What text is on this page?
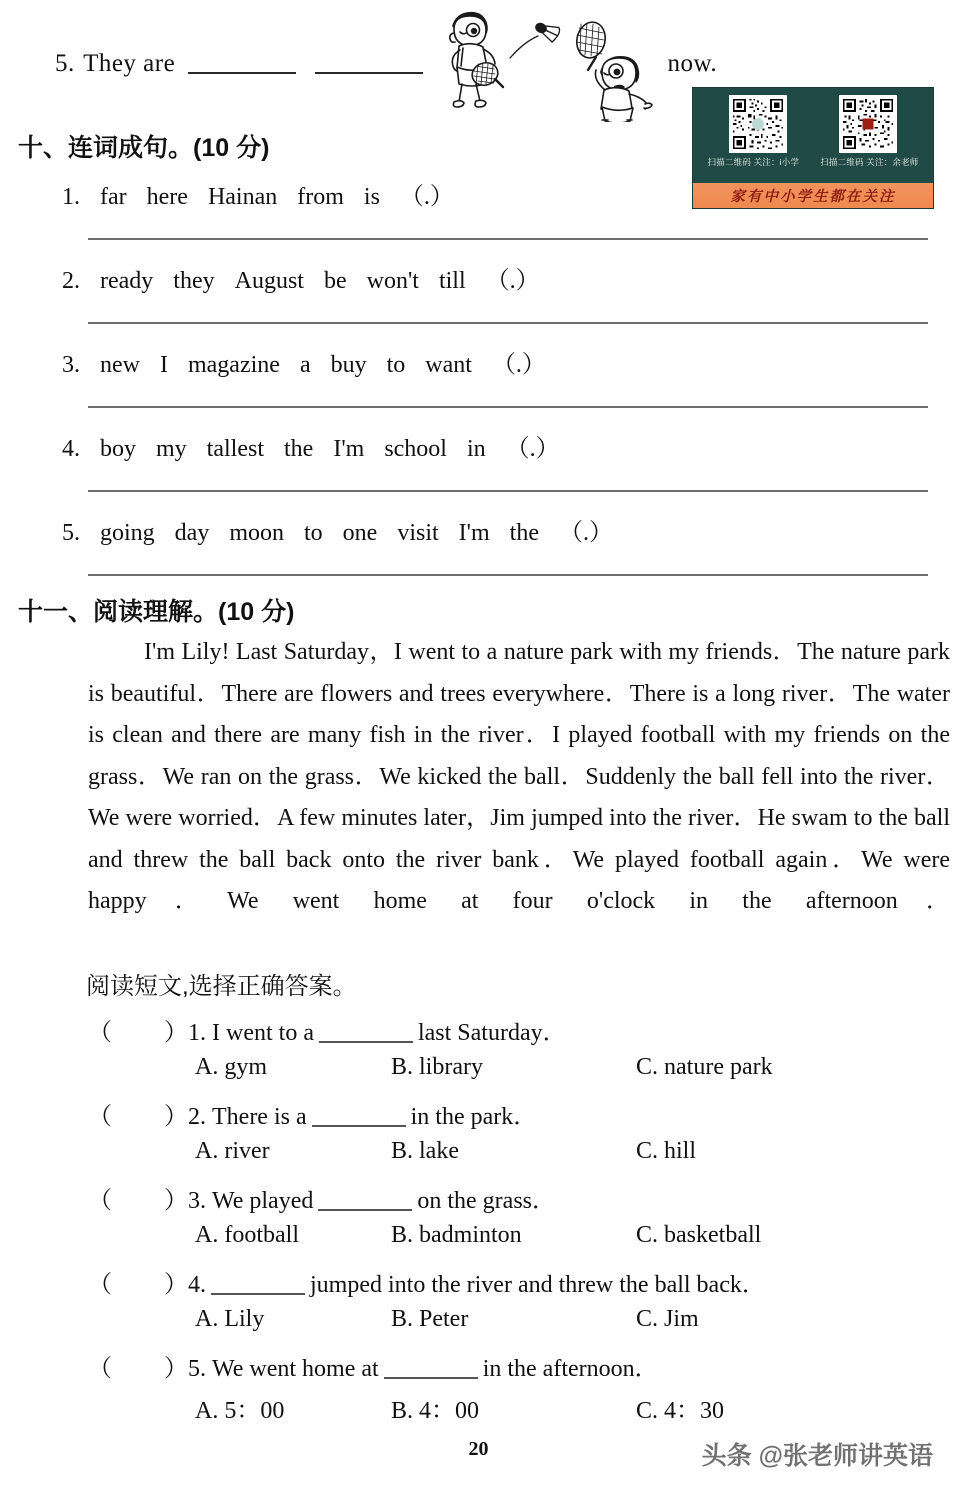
5. They are	now.
扫描二维码 关注：i小学 扫描二维码 关注：余老师
家有中小学生都在关注
十、连词成句。(10 分)
1. far here Hainan from is （.）
2. ready they August be won't till （.）
3. new I magazine a buy to want （.）
4. boy my tallest the I'm school in （.）
5. going day moon to one visit I'm the （.）
十一、阅读理解。(10 分)
I'm Lily! Last Saturday，I went to a nature park with my friends．The nature park is beautiful．There are flowers and trees everywhere．There is a long river．The water is clean and there are many fish in the river．I played football with my friends on the grass．We ran on the grass．We kicked the ball．Suddenly the ball fell into the river．We were worried．A few minutes later，Jim jumped into the river．He swam to the ball and threw the ball back onto the river bank．We played football again．We were happy．We went home at four o'clock in the afternoon．
阅读短文,选择正确答案。
（ ）1. I went to a	last Saturday．
A. gym	B. library	C. nature park
（ ）2. There is a	in the park．
A. river	B. lake	C. hill
（ ）3. We played	on the grass．
A. football	B. badminton	C. basketball
（ ）4.	jumped into the river and threw the ball back．
A. Lily	B. Peter	C. Jim
（ ）5. We went home at	in the afternoon．
A. 5：00	B. 4：00	C. 4：30
20	头条 @张老师讲英语
